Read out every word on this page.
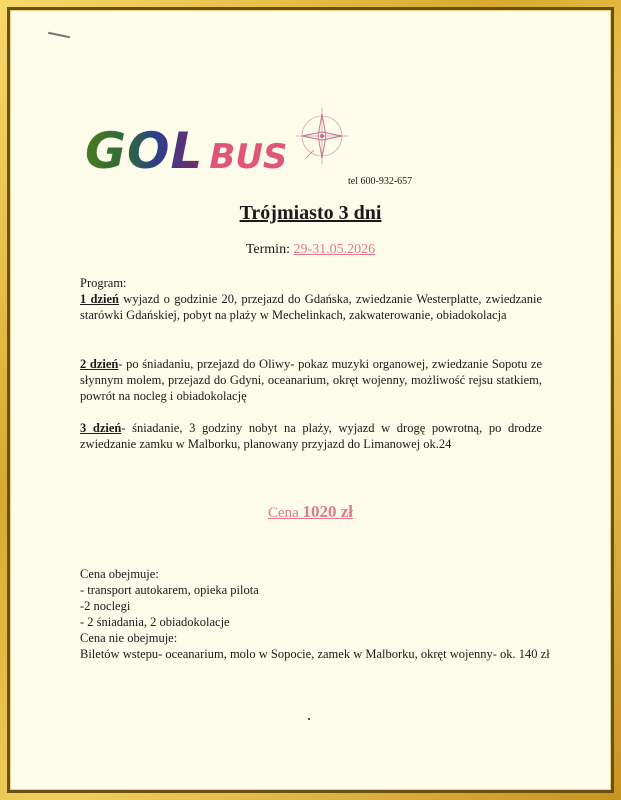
GOL BUS
tel 600-932-657
Trójmiasto 3 dni
Termin: 29-31.05.2026
Program:
1 dzień wyjazd o godzinie 20, przejazd do Gdańska, zwiedzanie Westerplatte, zwiedzanie starówki Gdańskiej, pobyt na plaży w Mechelinkach, zakwaterowanie, obiadokolacja
2 dzień- po śniadaniu, przejazd do Oliwy- pokaz muzyki organowej, zwiedzanie Sopotu ze słynnym molem, przejazd do Gdyni, oceanarium, okręt wojenny, możliwość rejsu statkiem, powrót na nocleg i obiadokolację
3 dzień- śniadanie, 3 godziny nobyt na plaży, wyjazd w drogę powrotną, po drodze zwiedzanie zamku w Malborku, planowany przyjazd do Limanowej ok.24
Cena 1020 zł
Cena obejmuje:
- transport autokarem, opieka pilota
-2 noclegi
- 2 śniadania, 2 obiadokolacje
Cena nie obejmuje:
Biletów wstepu- oceanarium, molo w Sopocie, zamek w Malborku, okręt wojenny- ok. 140 zł
